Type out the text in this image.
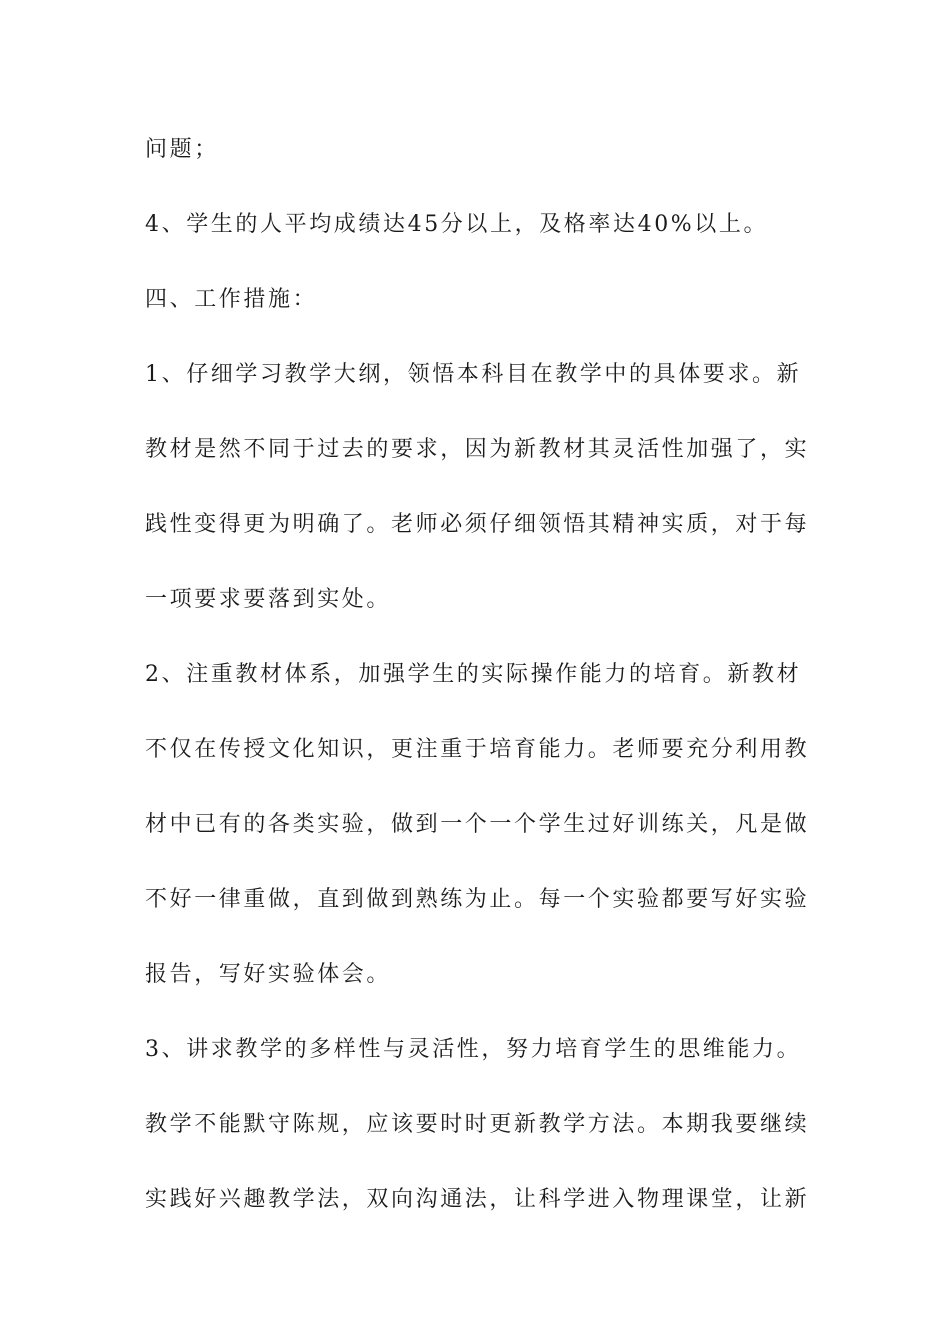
问题；
4、学生的人平均成绩达45分以上，及格率达40%以上。
四、工作措施：
1、仔细学习教学大纲，领悟本科目在教学中的具体要求。新
教材是然不同于过去的要求，因为新教材其灵活性加强了，实
践性变得更为明确了。老师必须仔细领悟其精神实质，对于每
一项要求要落到实处。
2、注重教材体系，加强学生的实际操作能力的培育。新教材
不仅在传授文化知识，更注重于培育能力。老师要充分利用教
材中已有的各类实验，做到一个一个学生过好训练关，凡是做
不好一律重做，直到做到熟练为止。每一个实验都要写好实验
报告，写好实验体会。
3、讲求教学的多样性与灵活性，努力培育学生的思维能力。
教学不能默守陈规，应该要时时更新教学方法。本期我要继续
实践好兴趣教学法，双向沟通法，让科学进入物理课堂，让新
